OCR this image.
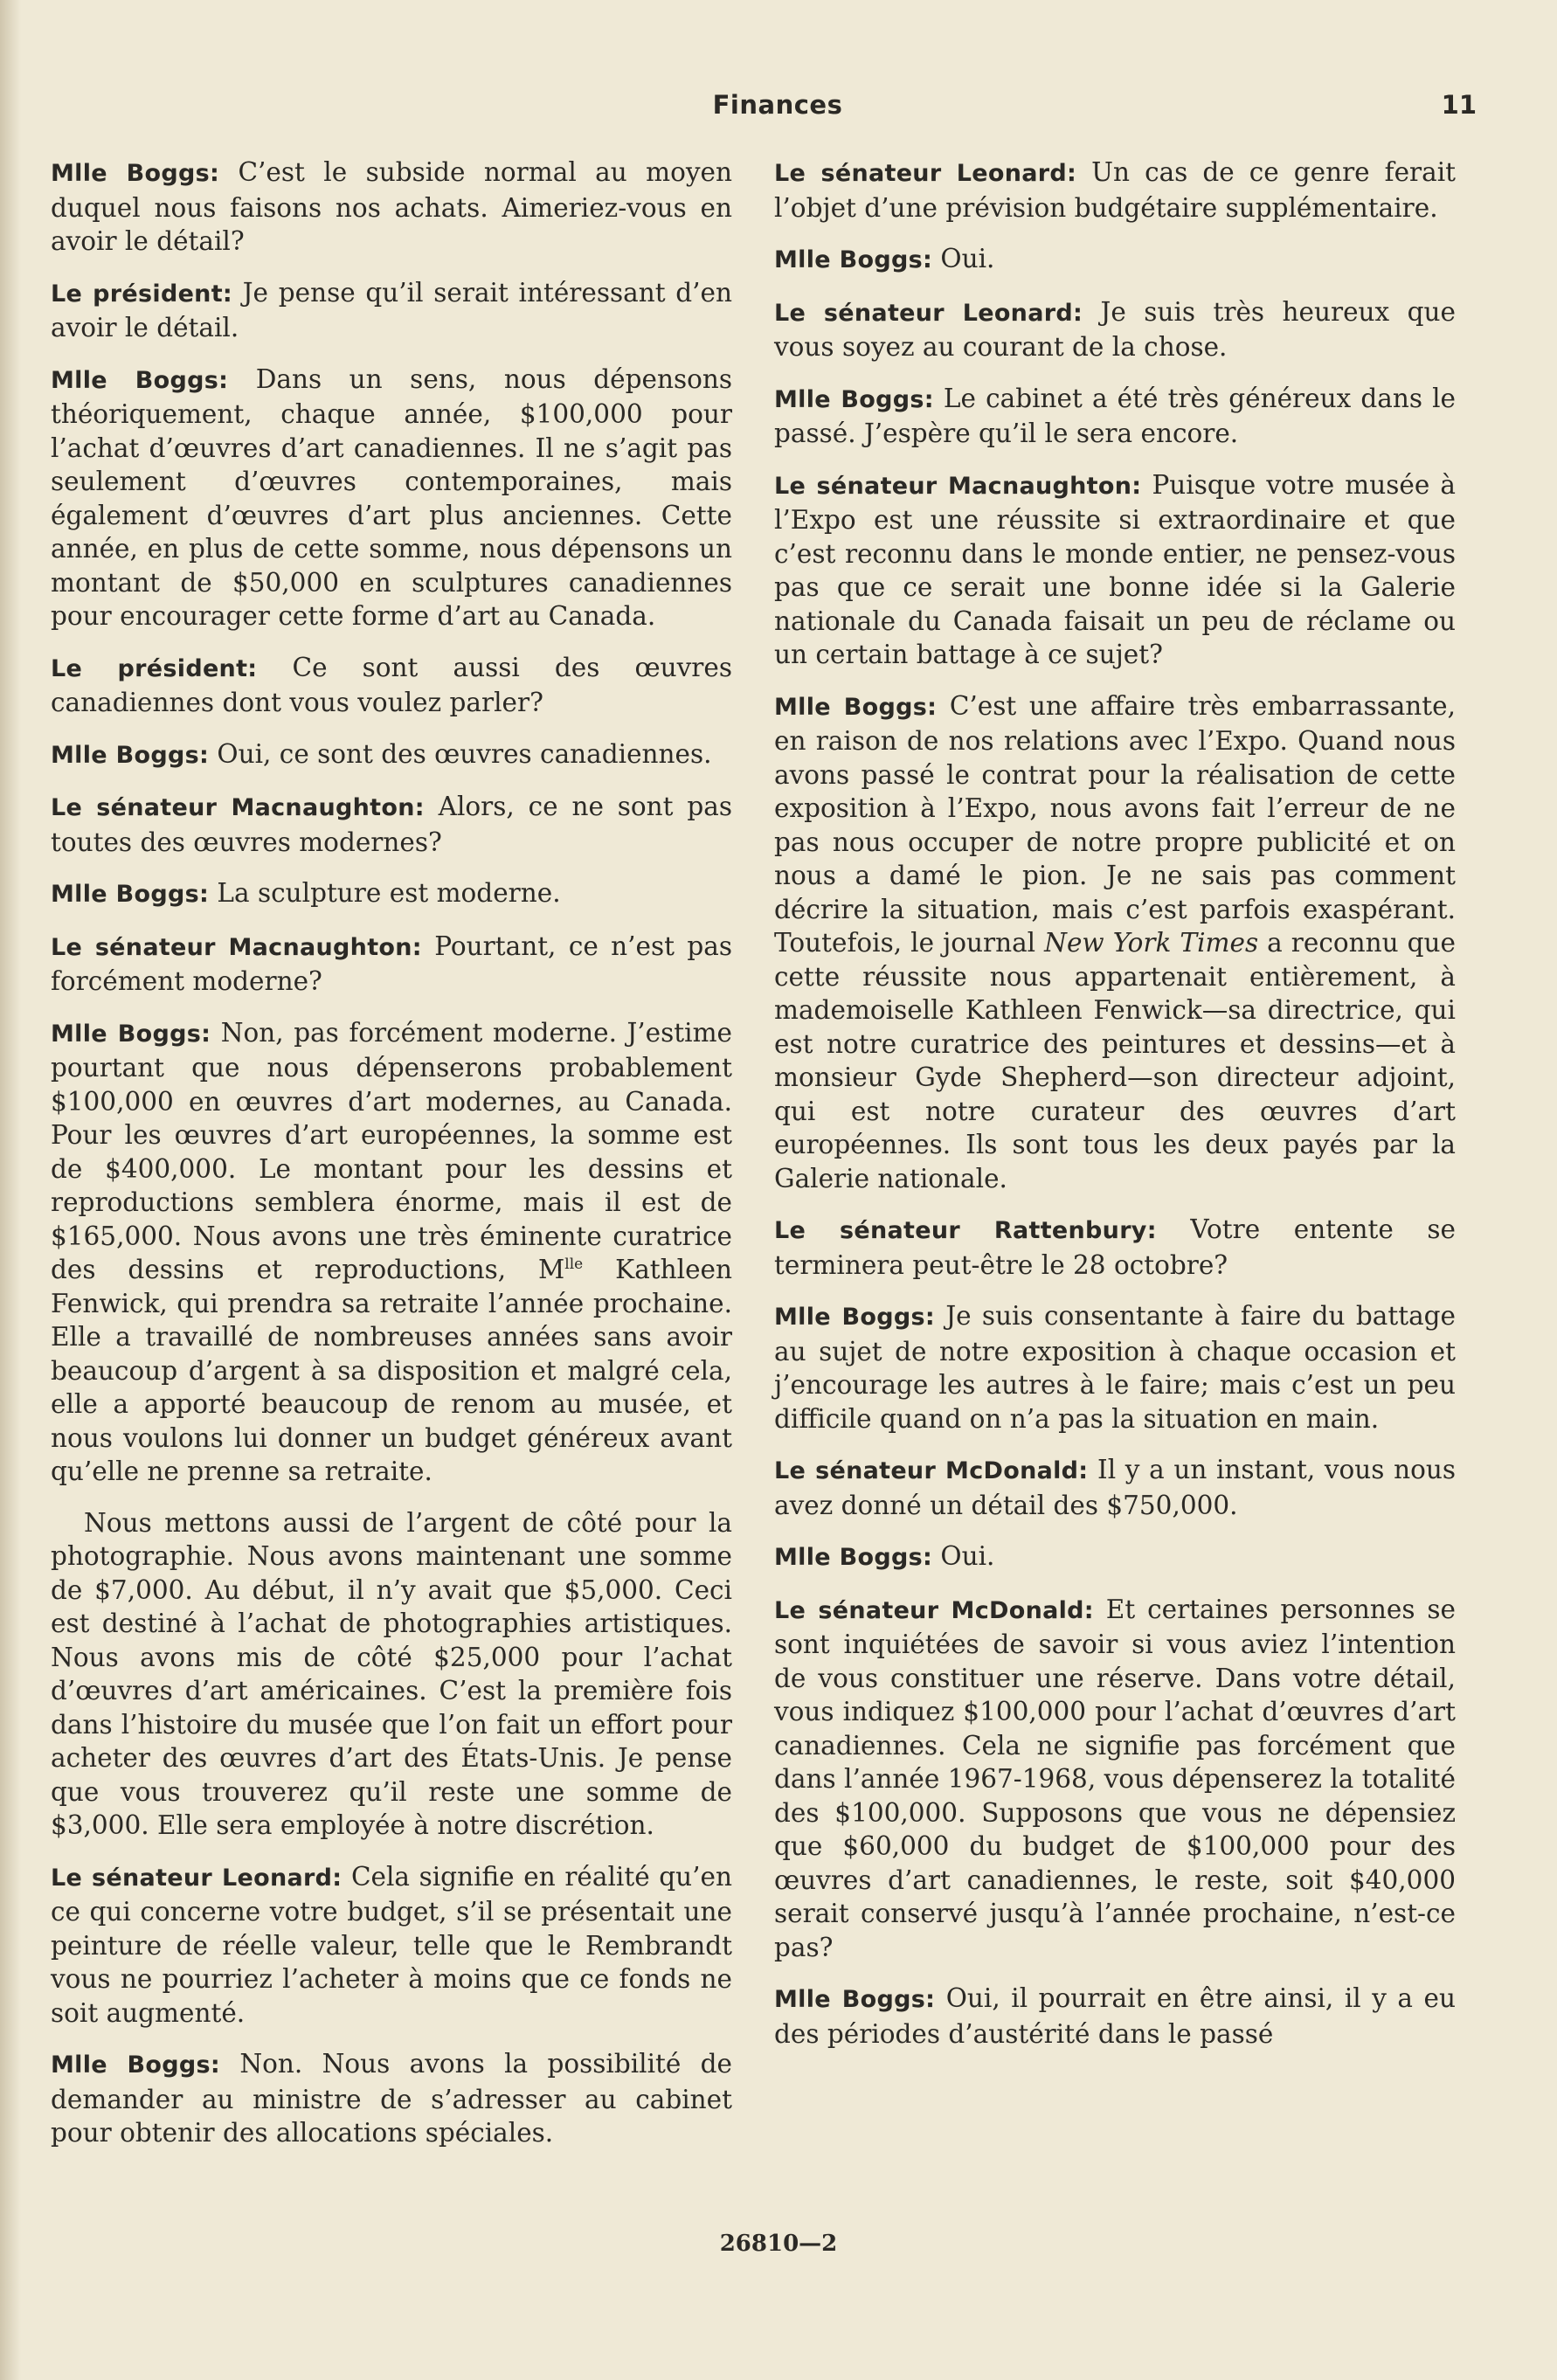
Finances	11

Mlle Boggs: C’est le subside normal au moyen duquel nous faisons nos achats. Aimeriez-vous en avoir le détail?

Le président: Je pense qu’il serait intéressant d’en avoir le détail.

Mlle Boggs: Dans un sens, nous dépensons théoriquement, chaque année, $100,000 pour l’achat d’œuvres d’art canadiennes. Il ne s’agit pas seulement d’œuvres contemporaines, mais également d’œuvres d’art plus anciennes. Cette année, en plus de cette somme, nous dépensons un montant de $50,000 en sculptures canadiennes pour encourager cette forme d’art au Canada.

Le président: Ce sont aussi des œuvres canadiennes dont vous voulez parler?

Mlle Boggs: Oui, ce sont des œuvres canadiennes.

Le sénateur Macnaughton: Alors, ce ne sont pas toutes des œuvres modernes?

Mlle Boggs: La sculpture est moderne.

Le sénateur Macnaughton: Pourtant, ce n’est pas forcément moderne?

Mlle Boggs: Non, pas forcément moderne. J’estime pourtant que nous dépenserons probablement $100,000 en œuvres d’art modernes, au Canada. Pour les œuvres d’art européennes, la somme est de $400,000. Le montant pour les dessins et reproductions semblera énorme, mais il est de $165,000. Nous avons une très éminente curatrice des dessins et reproductions, $M^{lle}$ Kathleen Fenwick, qui prendra sa retraite l’année prochaine. Elle a travaillé de nombreuses années sans avoir beaucoup d’argent à sa disposition et malgré cela, elle a apporté beaucoup de renom au musée, et nous voulons lui donner un budget généreux avant qu’elle ne prenne sa retraite.

Nous mettons aussi de l’argent de côté pour la photographie. Nous avons maintenant une somme de $7,000. Au début, il n’y avait que $5,000. Ceci est destiné à l’achat de photographies artistiques. Nous avons mis de côté $25,000 pour l’achat d’œuvres d’art américaines. C’est la première fois dans l’histoire du musée que l’on fait un effort pour acheter des œuvres d’art des États-Unis. Je pense que vous trouverez qu’il reste une somme de $3,000. Elle sera employée à notre discrétion.

Le sénateur Leonard: Cela signifie en réalité qu’en ce qui concerne votre budget, s’il se présentait une peinture de réelle valeur, telle que le Rembrandt vous ne pourriez l’acheter à moins que ce fonds ne soit augmenté.

Mlle Boggs: Non. Nous avons la possibilité de demander au ministre de s’adresser au cabinet pour obtenir des allocations spéciales.

Le sénateur Leonard: Un cas de ce genre ferait l’objet d’une prévision budgétaire supplémentaire.

Mlle Boggs: Oui.

Le sénateur Leonard: Je suis très heureux que vous soyez au courant de la chose.

Mlle Boggs: Le cabinet a été très généreux dans le passé. J’espère qu’il le sera encore.

Le sénateur Macnaughton: Puisque votre musée à l’Expo est une réussite si extraordinaire et que c’est reconnu dans le monde entier, ne pensez-vous pas que ce serait une bonne idée si la Galerie nationale du Canada faisait un peu de réclame ou un certain battage à ce sujet?

Mlle Boggs: C’est une affaire très embarrassante, en raison de nos relations avec l’Expo. Quand nous avons passé le contrat pour la réalisation de cette exposition à l’Expo, nous avons fait l’erreur de ne pas nous occuper de notre propre publicité et on nous a damé le pion. Je ne sais pas comment décrire la situation, mais c’est parfois exaspérant. Toutefois, le journal New York Times a reconnu que cette réussite nous appartenait entièrement, à mademoiselle Kathleen Fenwick—sa directrice, qui est notre curatrice des peintures et dessins—et à monsieur Gyde Shepherd—son directeur adjoint, qui est notre curateur des œuvres d’art européennes. Ils sont tous les deux payés par la Galerie nationale.

Le sénateur Rattenbury: Votre entente se terminera peut-être le 28 octobre?

Mlle Boggs: Je suis consentante à faire du battage au sujet de notre exposition à chaque occasion et j’encourage les autres à le faire; mais c’est un peu difficile quand on n’a pas la situation en main.

Le sénateur McDonald: Il y a un instant, vous nous avez donné un détail des $750,000.

Mlle Boggs: Oui.

Le sénateur McDonald: Et certaines personnes se sont inquiétées de savoir si vous aviez l’intention de vous constituer une réserve. Dans votre détail, vous indiquez $100,000 pour l’achat d’œuvres d’art canadiennes. Cela ne signifie pas forcément que dans l’année 1967-1968, vous dépenserez la totalité des $100,000. Supposons que vous ne dépensiez que $60,000 du budget de $100,000 pour des œuvres d’art canadiennes, le reste, soit $40,000 serait conservé jusqu’à l’année prochaine, n’est-ce pas?

Mlle Boggs: Oui, il pourrait en être ainsi, il y a eu des périodes d’austérité dans le passé

26810—2
